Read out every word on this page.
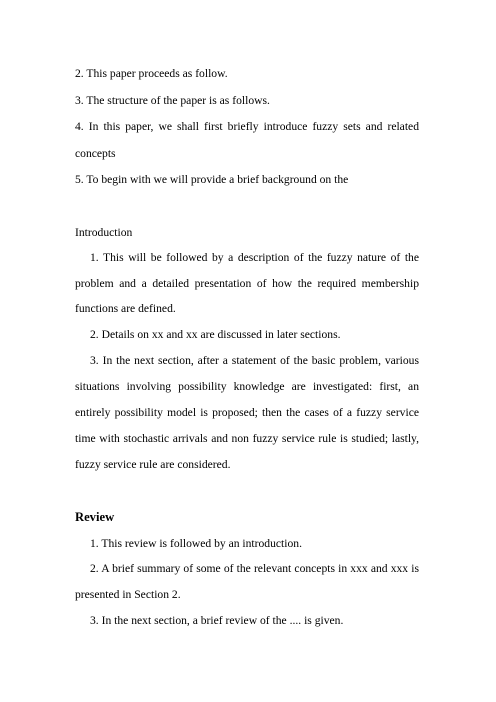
2. This paper proceeds as follow.
3. The structure of the paper is as follows.
4. In this paper, we shall first briefly introduce fuzzy sets and related
concepts
5. To begin with we will provide a brief background on the
Introduction
1. This will be followed by a description of the fuzzy nature of the
problem and a detailed presentation of how the required membership
functions are defined.
2. Details on xx and xx are discussed in later sections.
3. In the next section, after a statement of the basic problem, various
situations involving possibility knowledge are investigated: first, an
entirely possibility model is proposed; then the cases of a fuzzy service
time with stochastic arrivals and non fuzzy service rule is studied; lastly,
fuzzy service rule are considered.
Review
1. This review is followed by an introduction.
2. A brief summary of some of the relevant concepts in xxx and xxx is
presented in Section 2.
3. In the next section, a brief review of the .... is given.
